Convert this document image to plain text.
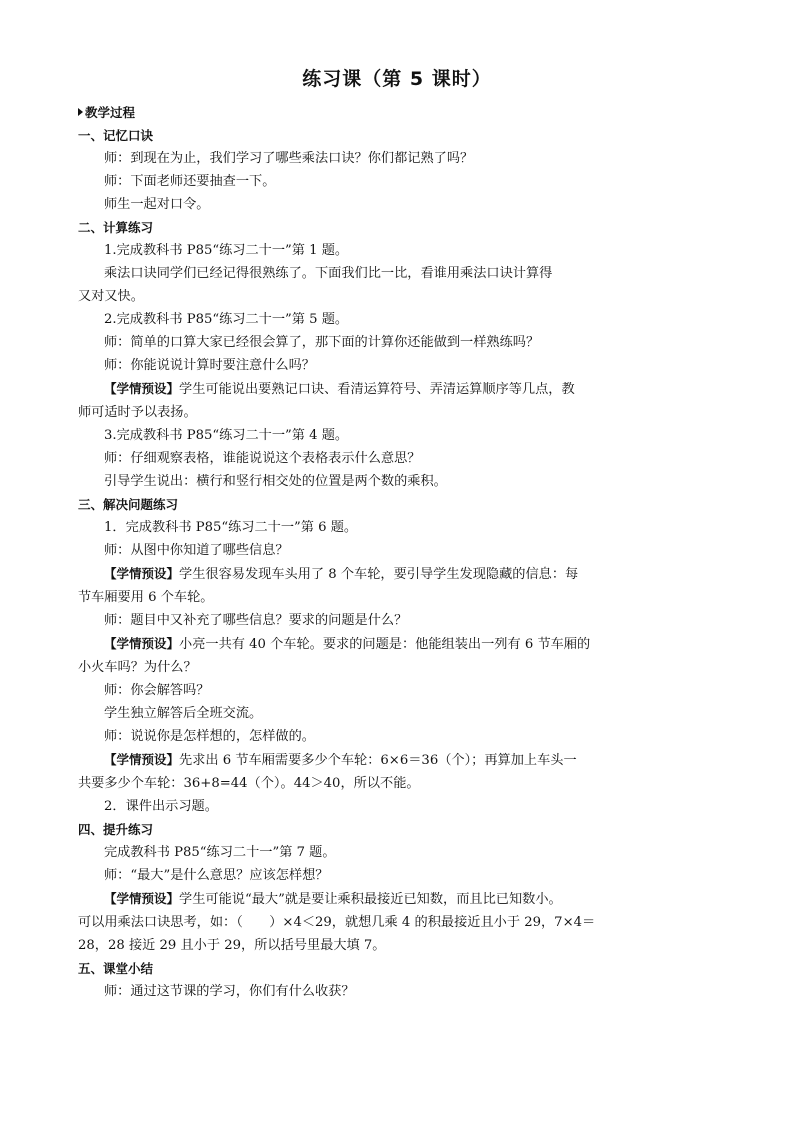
练习课（第 5 课时）
教学过程
一、记忆口诀
师：到现在为止，我们学习了哪些乘法口诀？你们都记熟了吗？
师：下面老师还要抽查一下。
师生一起对口令。
二、计算练习
1.完成教科书 P85“练习二十一”第 1 题。
乘法口诀同学们已经记得很熟练了。下面我们比一比，看谁用乘法口诀计算得
又对又快。
2.完成教科书 P85“练习二十一”第 5 题。
师：简单的口算大家已经很会算了，那下面的计算你还能做到一样熟练吗？
师：你能说说计算时要注意什么吗？
【学情预设】学生可能说出要熟记口诀、看清运算符号、弄清运算顺序等几点，教
师可适时予以表扬。
3.完成教科书 P85“练习二十一”第 4 题。
师：仔细观察表格，谁能说说这个表格表示什么意思？
引导学生说出：横行和竖行相交处的位置是两个数的乘积。
三、解决问题练习
1．完成教科书 P85“练习二十一”第 6 题。
师：从图中你知道了哪些信息？
【学情预设】学生很容易发现车头用了 8 个车轮，要引导学生发现隐藏的信息：每
节车厢要用 6 个车轮。
师：题目中又补充了哪些信息？要求的问题是什么？
【学情预设】小亮一共有 40 个车轮。要求的问题是：他能组装出一列有 6 节车厢的
小火车吗？为什么？
师：你会解答吗？
学生独立解答后全班交流。
师：说说你是怎样想的，怎样做的。
【学情预设】先求出 6 节车厢需要多少个车轮：6×6＝36（个）；再算加上车头一
共要多少个车轮：36+8=44（个）。44＞40，所以不能。
2．课件出示习题。
四、提升练习
完成教科书 P85“练习二十一”第 7 题。
师：“最大”是什么意思？应该怎样想？
【学情预设】学生可能说“最大”就是要让乘积最接近已知数，而且比已知数小。
可以用乘法口诀思考，如：（　　）×4＜29，就想几乘 4 的积最接近且小于 29，7×4＝
28，28 接近 29 且小于 29，所以括号里最大填 7。
五、课堂小结
师：通过这节课的学习，你们有什么收获？
